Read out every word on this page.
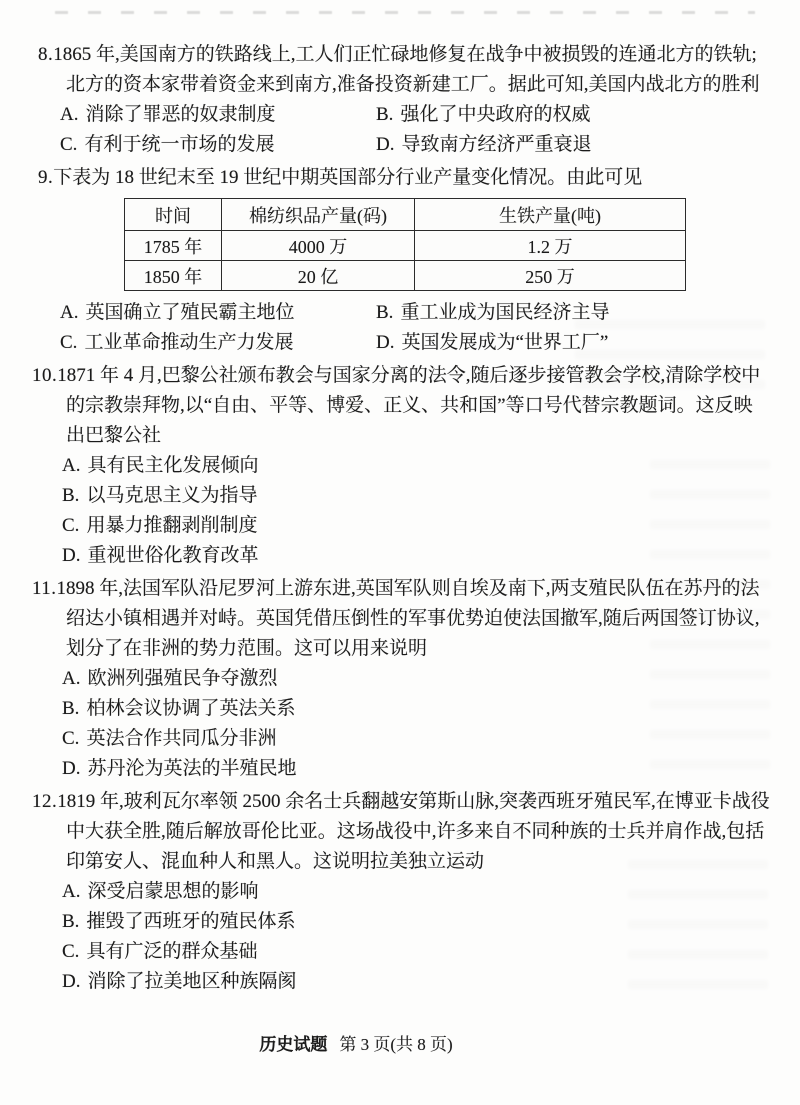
8.1865 年,美国南方的铁路线上,工人们正忙碌地修复在战争中被损毁的连通北方的铁轨;北方的资本家带着资金来到南方,准备投资新建工厂。据此可知,美国内战北方的胜利

A. 消除了罪恶的奴隶制度	B. 强化了中央政府的权威

C. 有利于统一市场的发展	D. 导致南方经济严重衰退

9.下表为 18 世纪末至 19 世纪中期英国部分行业产量变化情况。由此可见

时间	棉纺织品产量(码)	生铁产量(吨)
1785 年	4000 万	1.2 万
1850 年	20 亿	250 万

A. 英国确立了殖民霸主地位	B. 重工业成为国民经济主导

C. 工业革命推动生产力发展	D. 英国发展成为“世界工厂”

10.1871 年 4 月,巴黎公社颁布教会与国家分离的法令,随后逐步接管教会学校,清除学校中的宗教崇拜物,以“自由、平等、博爱、正义、共和国”等口号代替宗教题词。这反映出巴黎公社

A. 具有民主化发展倾向

B. 以马克思主义为指导

C. 用暴力推翻剥削制度

D. 重视世俗化教育改革

11.1898 年,法国军队沿尼罗河上游东进,英国军队则自埃及南下,两支殖民队伍在苏丹的法绍达小镇相遇并对峙。英国凭借压倒性的军事优势迫使法国撤军,随后两国签订协议,划分了在非洲的势力范围。这可以用来说明

A. 欧洲列强殖民争夺激烈

B. 柏林会议协调了英法关系

C. 英法合作共同瓜分非洲

D. 苏丹沦为英法的半殖民地

12.1819 年,玻利瓦尔率领 2500 余名士兵翻越安第斯山脉,突袭西班牙殖民军,在博亚卡战役中大获全胜,随后解放哥伦比亚。这场战役中,许多来自不同种族的士兵并肩作战,包括印第安人、混血种人和黑人。这说明拉美独立运动

A. 深受启蒙思想的影响

B. 摧毁了西班牙的殖民体系

C. 具有广泛的群众基础

D. 消除了拉美地区种族隔阂

历史试题 第 3 页(共 8 页)
